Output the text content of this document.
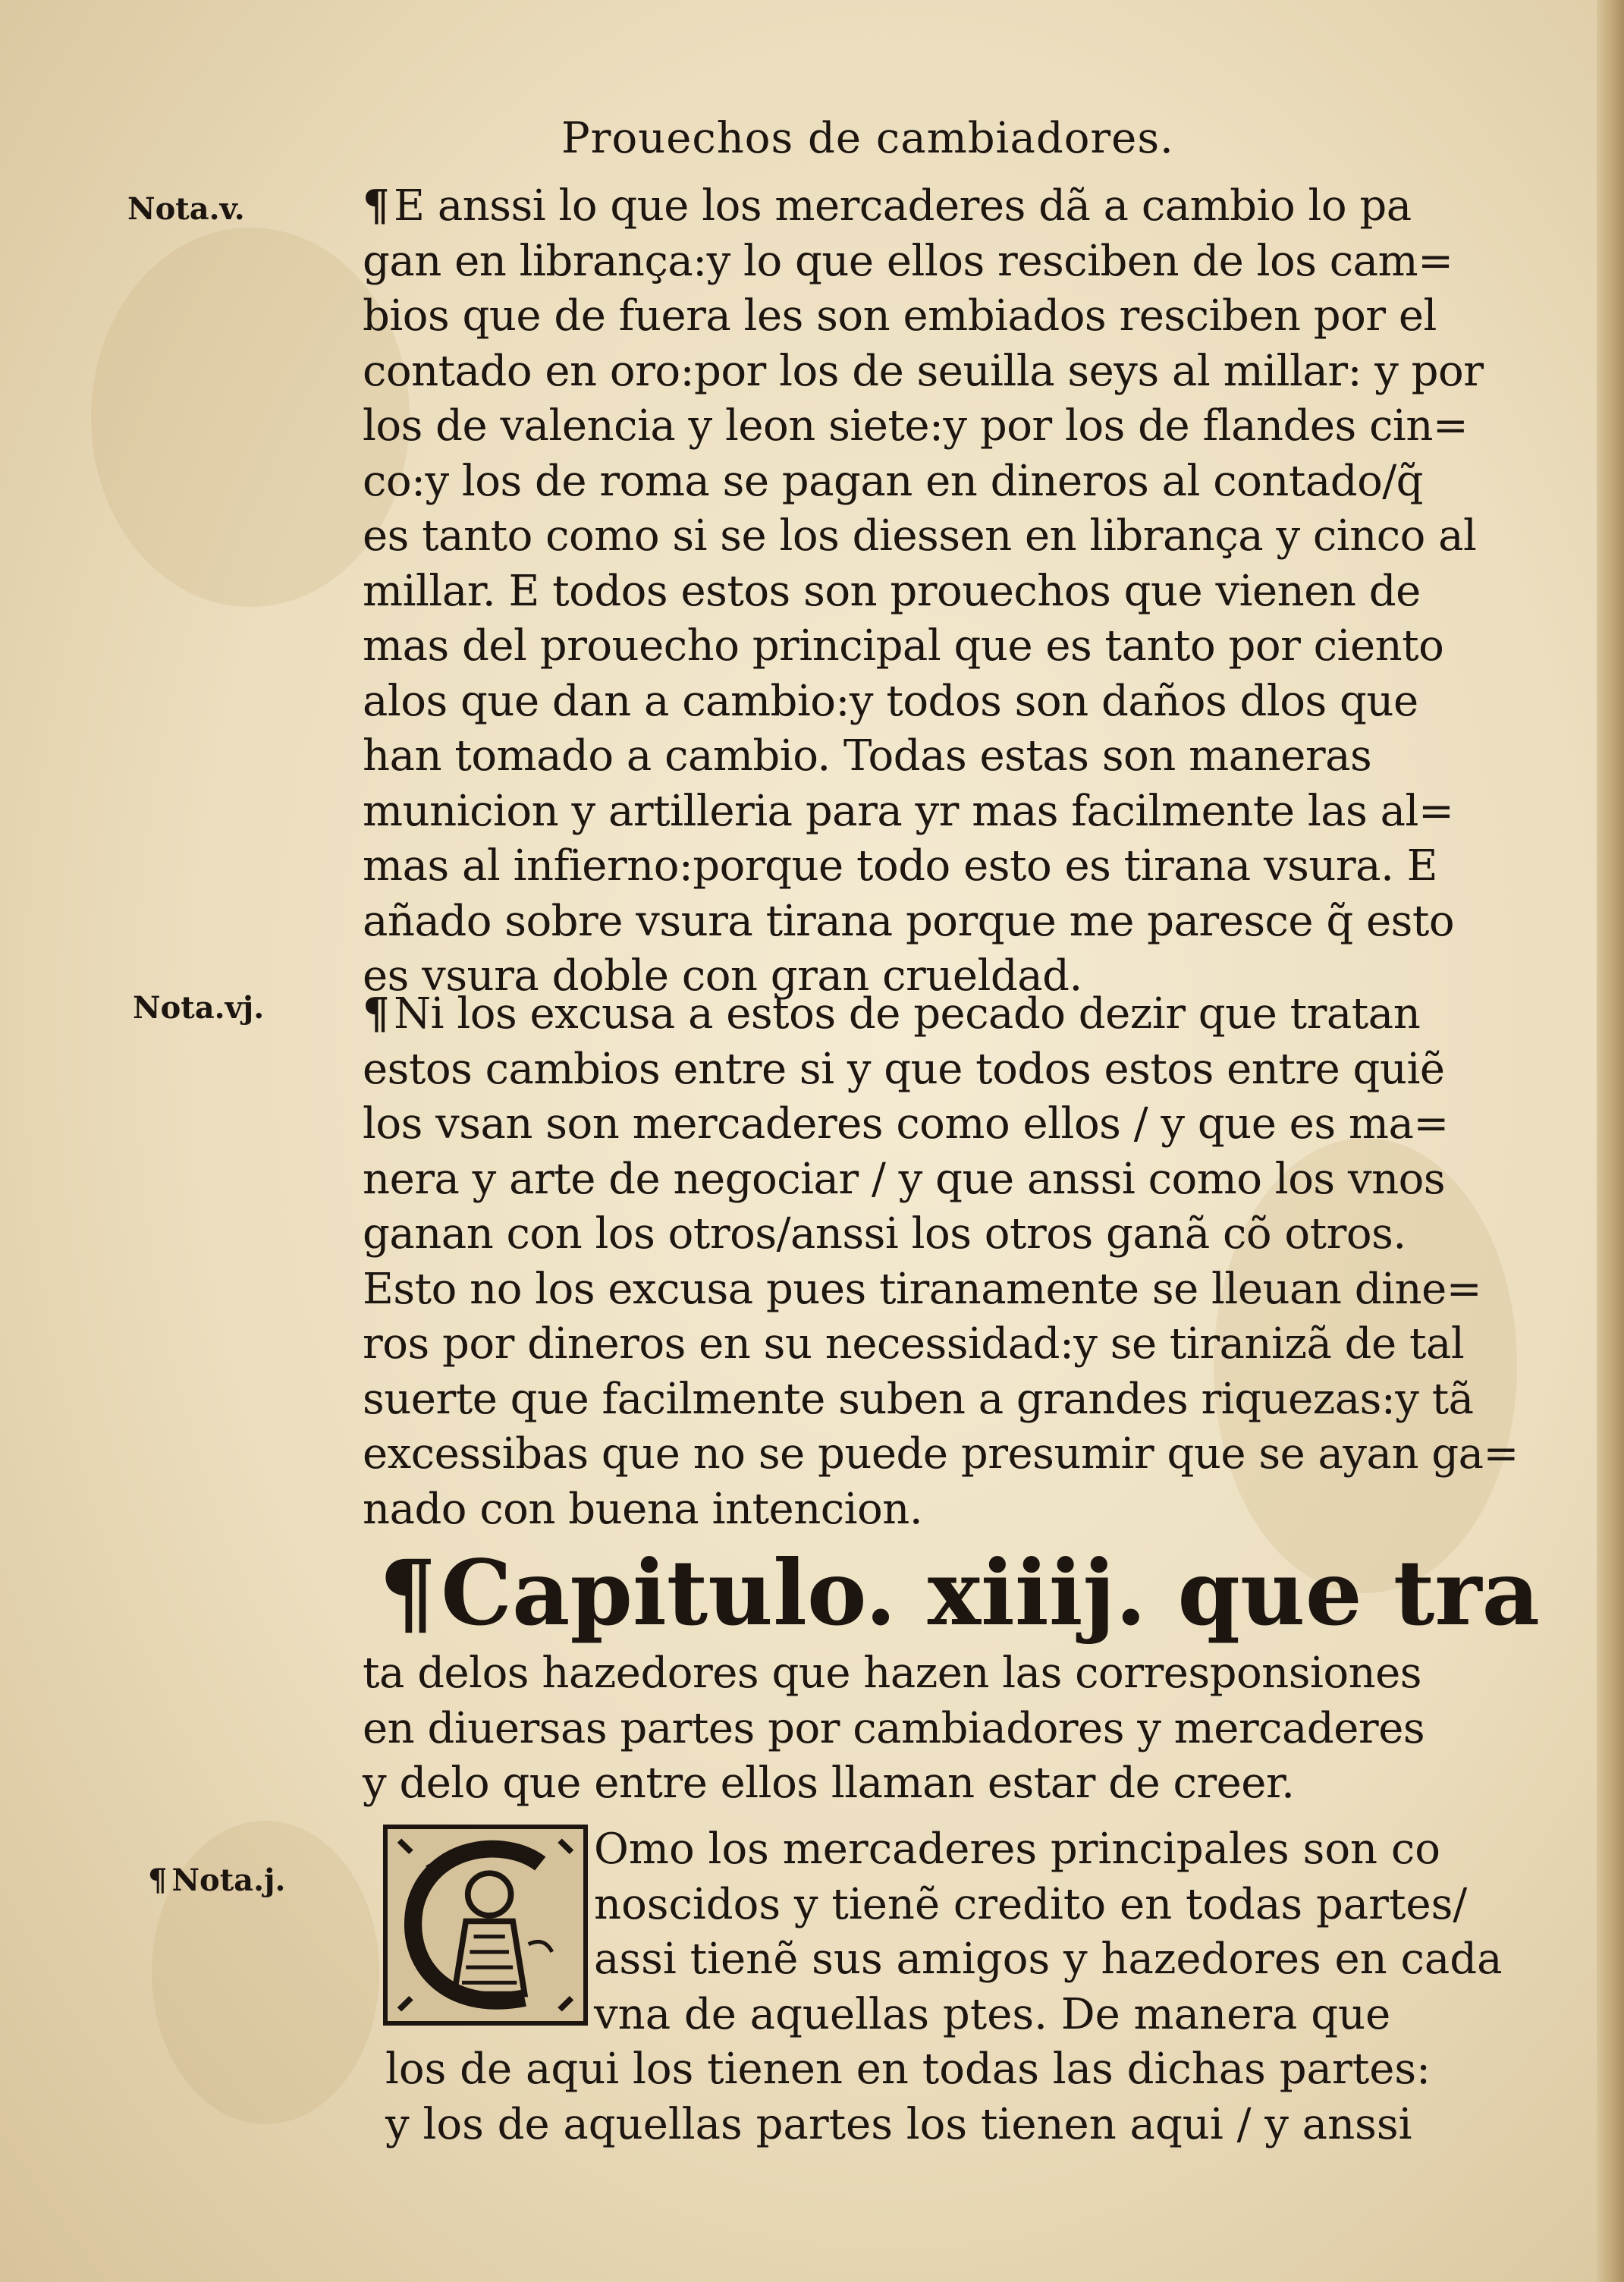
Prouechos de cambiadores.
Nota.v.
Nota.vj.
¶ Nota.j.
¶ E anssi lo que los mercaderes dã a cambio lo pa
gan en librança:y lo que ellos resciben de los cam=
bios que de fuera les son embiados resciben por el
contado en oro:por los de seuilla seys al millar: y por
los de valencia y leon siete:y por los de flandes cin=
co:y los de roma se pagan en dineros al contado/q̃
es tanto como si se los diessen en librança y cinco al
millar. E todos estos son prouechos que vienen de
mas del prouecho principal que es tanto por ciento
alos que dan a cambio:y todos son daños dlos que
han tomado a cambio. Todas estas son maneras
municion y artilleria para yr mas facilmente las al=
mas al infierno:porque todo esto es tirana vsura. E
añado sobre vsura tirana porque me paresce q̃ esto
es vsura doble con gran crueldad.
¶ Ni los excusa a estos de pecado dezir que tratan
estos cambios entre si y que todos estos entre quiẽ
los vsan son mercaderes como ellos / y que es ma=
nera y arte de negociar / y que anssi como los vnos
ganan con los otros/anssi los otros ganã cõ otros.
Esto no los excusa pues tiranamente se lleuan dine=
ros por dineros en su necessidad:y se tiranizã de tal
suerte que facilmente suben a grandes riquezas:y tã
excessibas que no se puede presumir que se ayan ga=
nado con buena intencion.
¶Capitulo. xiiij. que tra
ta delos hazedores que hazen las corresponsiones
en diuersas partes por cambiadores y mercaderes
y delo que entre ellos llaman estar de creer.
Omo los mercaderes principales son co
noscidos y tienẽ credito en todas partes/
assi tienẽ sus amigos y hazedores en cada
vna de aquellas ptes. De manera que
los de aqui los tienen en todas las dichas partes:
y los de aquellas partes los tienen aqui / y anssi
